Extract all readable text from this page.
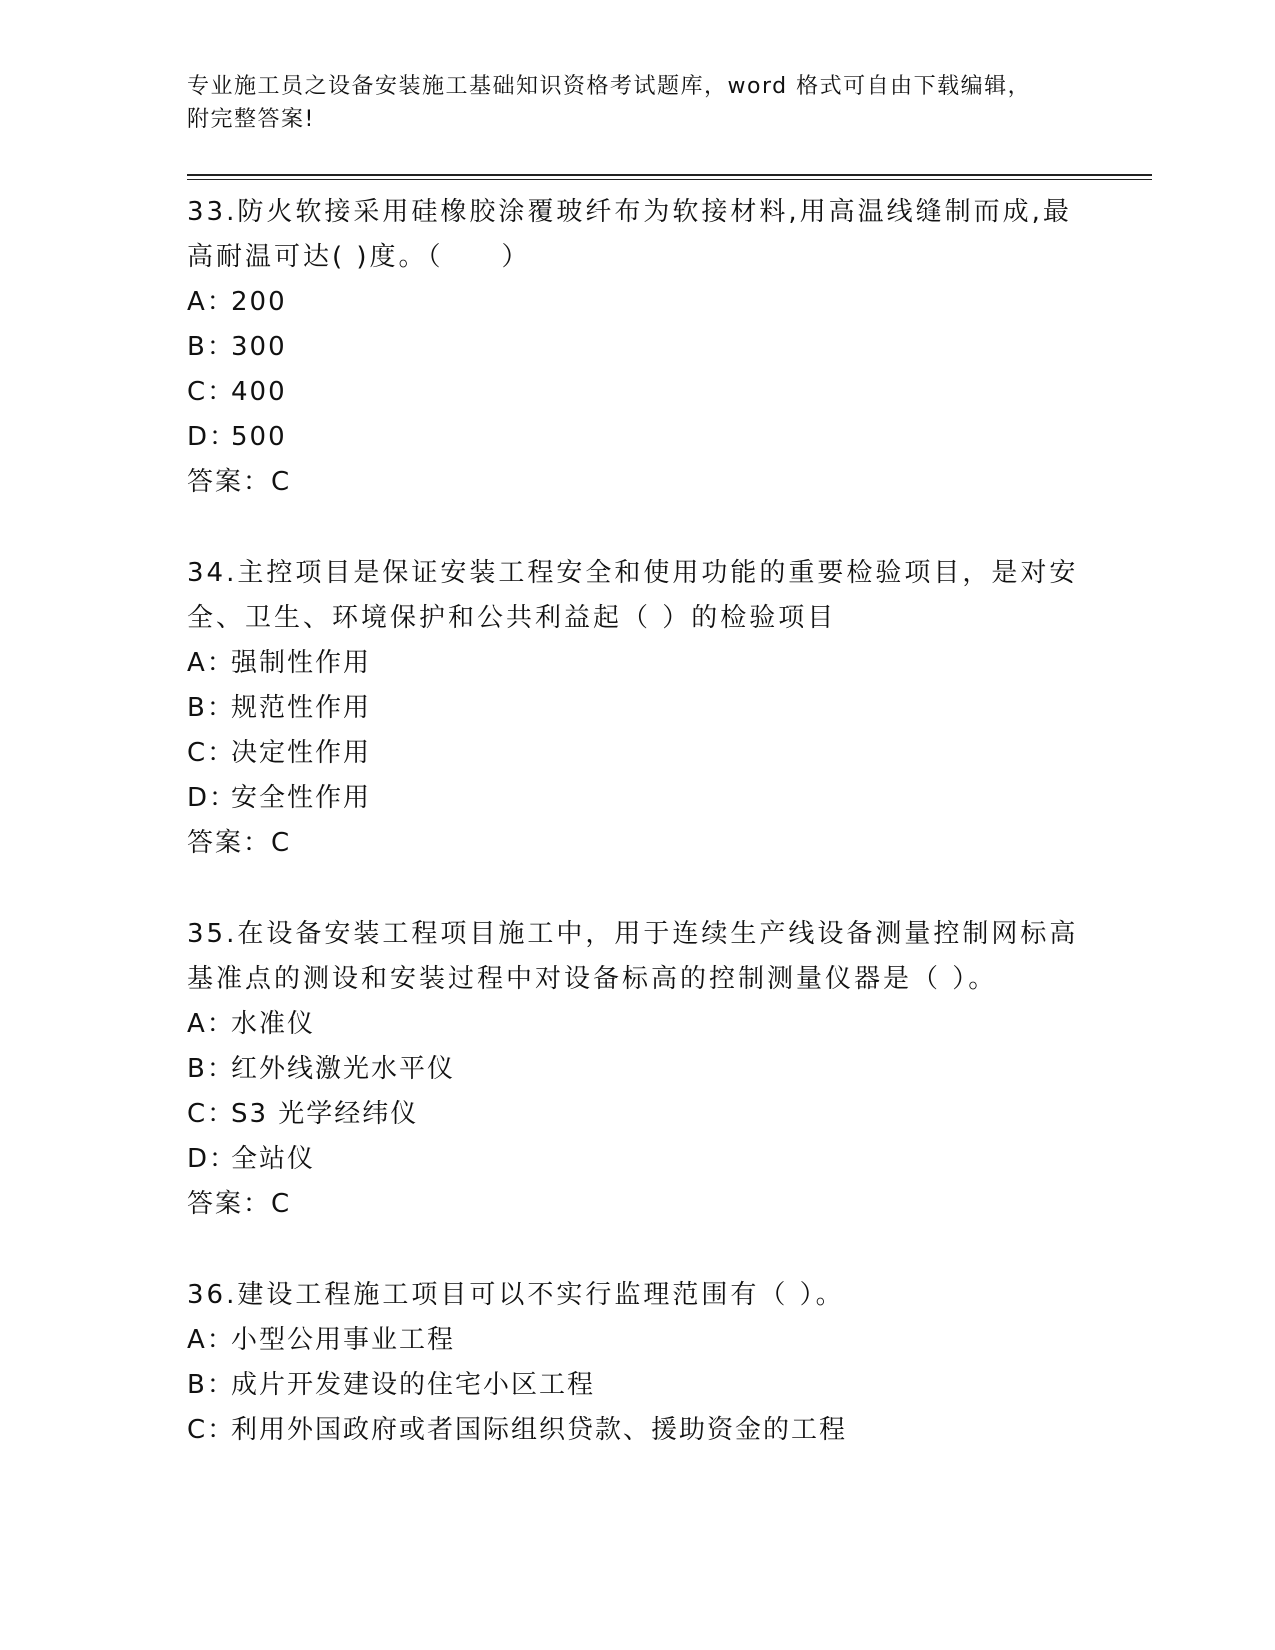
专业施工员之设备安装施工基础知识资格考试题库，word 格式可自由下载编辑，

附完整答案!

33.防火软接采用硅橡胶涂覆玻纤布为软接材料,用高温线缝制而成,最高耐温可达( )度。（　　）

A：200

B：300

C：400

D：500

答案：C

34.主控项目是保证安装工程安全和使用功能的重要检验项目，是对安全、卫生、环境保护和公共利益起（ ）的检验项目

A：强制性作用

B：规范性作用

C：决定性作用

D：安全性作用

答案：C

35.在设备安装工程项目施工中，用于连续生产线设备测量控制网标高基准点的测设和安装过程中对设备标高的控制测量仪器是（ ）。

A：水准仪

B：红外线激光水平仪

C：S3 光学经纬仪

D：全站仪

答案：C

36.建设工程施工项目可以不实行监理范围有（ ）。

A：小型公用事业工程

B：成片开发建设的住宅小区工程

C：利用外国政府或者国际组织贷款、援助资金的工程
